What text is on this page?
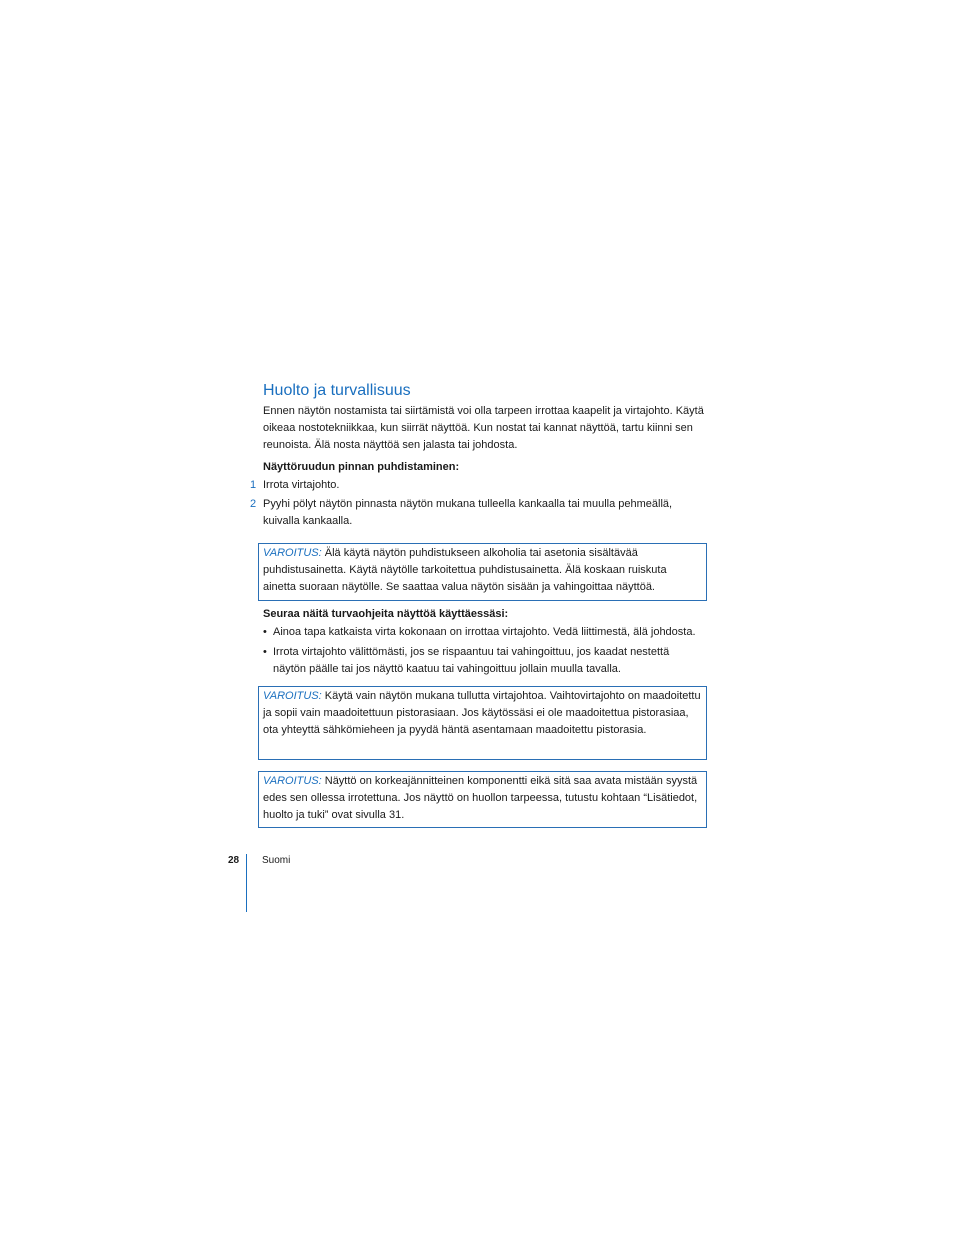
Huolto ja turvallisuus

Ennen näytön nostamista tai siirtämistä voi olla tarpeen irrottaa kaapelit ja virtajohto. Käytä oikeaa nostotekniikkaa, kun siirrät näyttöä. Kun nostat tai kannat näyttöä, tartu kiinni sen reunoista. Älä nosta näyttöä sen jalasta tai johdosta.

Näyttöruudun pinnan puhdistaminen:

1 Irrota virtajohto.
2 Pyyhi pölyt näytön pinnasta näytön mukana tulleella kankaalla tai muulla pehmeällä, kuivalla kankaalla.
VAROITUS: Älä käytä näytön puhdistukseen alkoholia tai asetonia sisältävää puhdistusainetta. Käytä näytölle tarkoitettua puhdistusainetta. Älä koskaan ruiskuta ainetta suoraan näytölle. Se saattaa valua näytön sisään ja vahingoittaa näyttöä.

Seuraa näitä turvaohjeita näyttöä käyttäessäsi:

• Ainoa tapa katkaista virta kokonaan on irrottaa virtajohto. Vedä liittimestä, älä johdosta.
• Irrota virtajohto välittömästi, jos se rispaantuu tai vahingoittuu, jos kaadat nestettä näytön päälle tai jos näyttö kaatuu tai vahingoittuu jollain muulla tavalla.
VAROITUS: Käytä vain näytön mukana tullutta virtajohtoa. Vaihtovirtajohto on maadoitettu ja sopii vain maadoitettuun pistorasiaan. Jos käytössäsi ei ole maadoitettua pistorasiaa, ota yhteyttä sähkömieheen ja pyydä häntä asentamaan maadoitettu pistorasia.
VAROITUS: Näyttö on korkeajännitteinen komponentti eikä sitä saa avata mistään syystä edes sen ollessa irrotettuna. Jos näyttö on huollon tarpeessa, tutustu kohtaan “Lisätiedot, huolto ja tuki” ovat sivulla 31.
28 Suomi
